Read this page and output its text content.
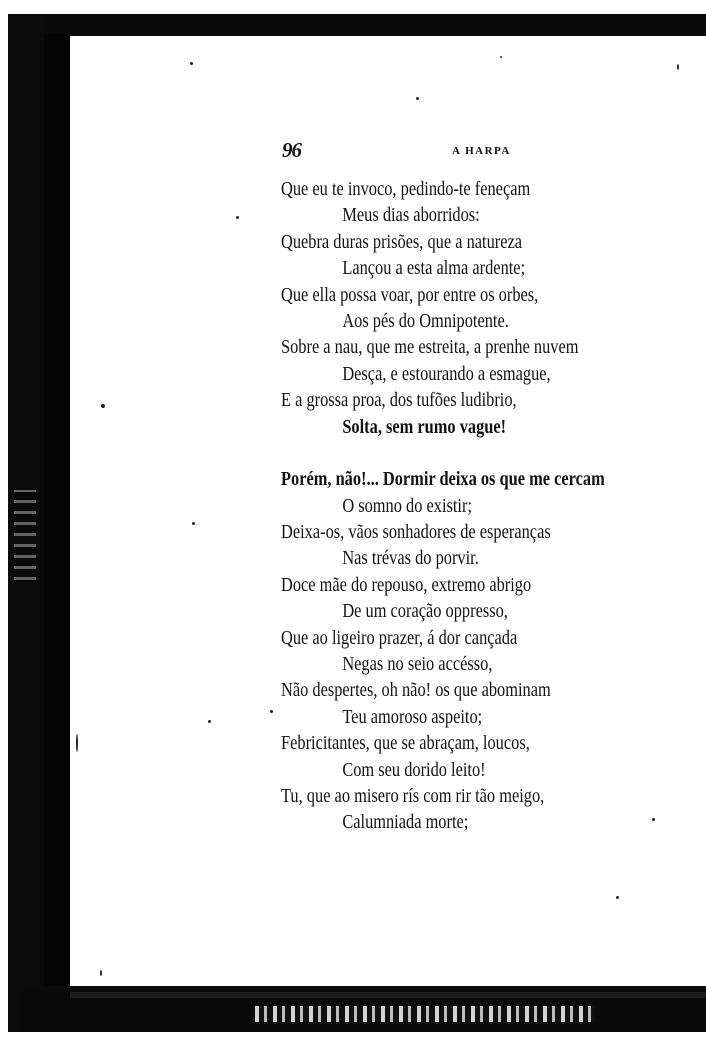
96	A HARPA
Que eu te invoco, pedindo-te feneçam
Meus dias aborridos:
Quebra duras prisões, que a natureza
Lançou a esta alma ardente;
Que ella possa voar, por entre os orbes,
Aos pés do Omnipotente.
Sobre a nau, que me estreita, a prenhe nuvem
Desça, e estourando a esmague,
E a grossa proa, dos tufões ludibrio,
Solta, sem rumo vague!
Porém, não!... Dormir deixa os que me cercam
O somno do existir;
Deixa-os, vãos sonhadores de esperanças
Nas trévas do porvir.
Doce mãe do repouso, extremo abrigo
De um coração oppresso,
Que ao ligeiro prazer, á dor cançada
Negas no seio accésso,
Não despertes, oh não! os que abominam
Teu amoroso aspeito;
Febricitantes, que se abraçam, loucos,
Com seu dorido leito!
Tu, que ao misero rís com rir tão meigo,
Calumniada morte;
